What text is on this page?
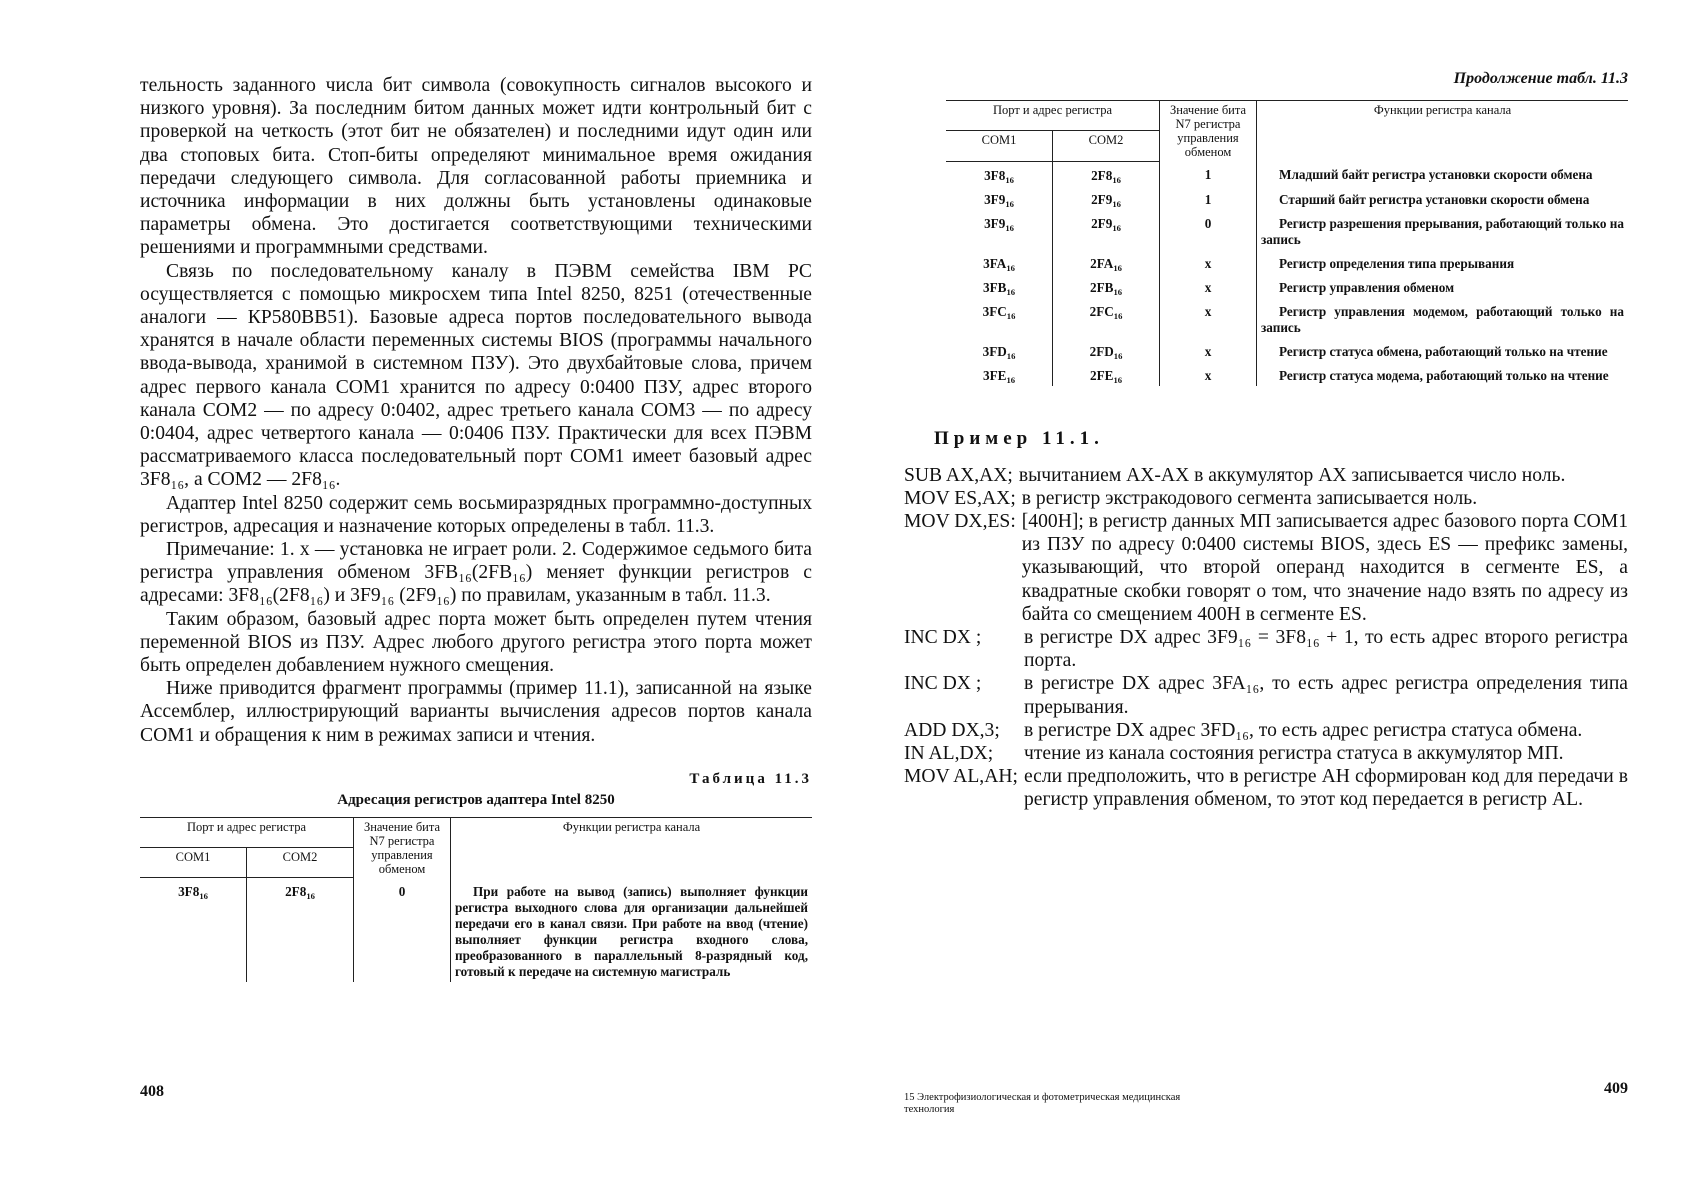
тельность заданного числа бит символа (совокупность сигналов высокого и низкого уровня). За последним битом данных может идти контрольный бит с проверкой на четкость (этот бит не обязателен) и последними идут один или два стоповых бита. Стоп-биты определяют минимальное время ожидания передачи следующего символа. Для согласованной работы приемника и источника информации в них должны быть установлены одинаковые параметры обмена. Это достигается соответствующими техническими решениями и программными средствами.

Связь по последовательному каналу в ПЭВМ семейства IBM PC осуществляется с помощью микросхем типа Intel 8250, 8251 (отечественные аналоги — КР580ВВ51). Базовые адреса портов последовательного вывода хранятся в начале области переменных системы BIOS (программы начального ввода-вывода, хранимой в системном ПЗУ). Это двухбайтовые слова, причем адрес первого канала COM1 хранится по адресу 0:0400 ПЗУ, адрес второго канала COM2 — по адресу 0:0402, адрес третьего канала COM3 — по адресу 0:0404, адрес четвертого канала — 0:0406 ПЗУ. Практически для всех ПЭВМ рассматриваемого класса последовательный порт COM1 имеет базовый адрес 3F8₁₆, а COM2 — 2F8₁₆.

Адаптер Intel 8250 содержит семь восьмиразрядных программно-доступных регистров, адресация и назначение которых определены в табл. 11.3.

Примечание: 1. x — установка не играет роли. 2. Содержимое седьмого бита регистра управления обменом 3FB₁₆(2FB₁₆) меняет функции регистров с адресами: 3F8₁₆(2F8₁₆) и 3F9₁₆ (2F9₁₆) по правилам, указанным в табл. 11.3.

Таким образом, базовый адрес порта может быть определен путем чтения переменной BIOS из ПЗУ. Адрес любого другого регистра этого порта может быть определен добавлением нужного смещения.

Ниже приводится фрагмент программы (пример 11.1), записанной на языке Ассемблер, иллюстрирующий варианты вычисления адресов портов канала COM1 и обращения к ним в режимах записи и чтения.

Таблица 11.3
Адресация регистров адаптера Intel 8250
Порт и адрес регистра		Значение бита N7 регистра управления обменом	Функции регистра канала
COM1	COM2		
$3F8_{16}$	$2F8_{16}$	0	При работе на вывод (запись) выполняет функции регистра выходного слова для организации дальнейшей передачи его в канал связи. При работе на ввод (чтение) выполняет функции регистра входного слова, преобразованного в параллельный 8-разрядный код, готовый к передаче на системную магистраль
408
Продолжение табл. 11.3
Порт и адрес регистра		Значение бита N7 регистра управления обменом	Функции регистра канала
COM1	COM2		
$3F8_{16}$	$2F8_{16}$	1	Младший байт регистра установки скорости обмена
$3F9_{16}$	$2F9_{16}$	1	Старший байт регистра установки скорости обмена
$3F9_{16}$	$2F9_{16}$	0	Регистр разрешения прерывания, работающий только на запись
$3FA_{16}$	$2FA_{16}$	x	Регистр определения типа прерывания
$3FB_{16}$	$2FB_{16}$	x	Регистр управления обменом
$3FC_{16}$	$2FC_{16}$	x	Регистр управления модемом, работающий только на запись
$3FD_{16}$	$2FD_{16}$	x	Регистр статуса обмена, работающий только на чтение
$3FE_{16}$	$2FE_{16}$	x	Регистр статуса модема, работающий только на чтение
Пример 11.1.
SUB AX,AX; вычитанием AX-AX в аккумулятор AX записывается число ноль.
MOV ES,AX; в регистр экстракодового сегмента записывается ноль.
MOV DX,ES: [400H]; в регистр данных МП записывается адрес базового порта COM1 из ПЗУ по адресу 0:0400 системы BIOS, здесь ES — префикс замены, указывающий, что второй операнд находится в сегменте ES, а квадратные скобки говорят о том, что значение надо взять по адресу из байта со смещением 400H в сегменте ES.
INC DX ;	в регистре DX адрес 3F9₁₆ = 3F8₁₆ + 1, то есть адрес второго регистра порта.
INC DX ;	в регистре DX адрес 3FA₁₆, то есть адрес регистра определения типа прерывания.
ADD DX,3;	в регистре DX адрес 3FD₁₆, то есть адрес регистра статуса обмена.
IN AL,DX;	чтение из канала состояния регистра статуса в аккумулятор МП.
MOV AL,AH; если предположить, что в регистре AH сформирован код для передачи в регистр управления обменом, то этот код передается в регистр AL.
15 Электрофизиологическая и фотометрическая медицинская технология
409
